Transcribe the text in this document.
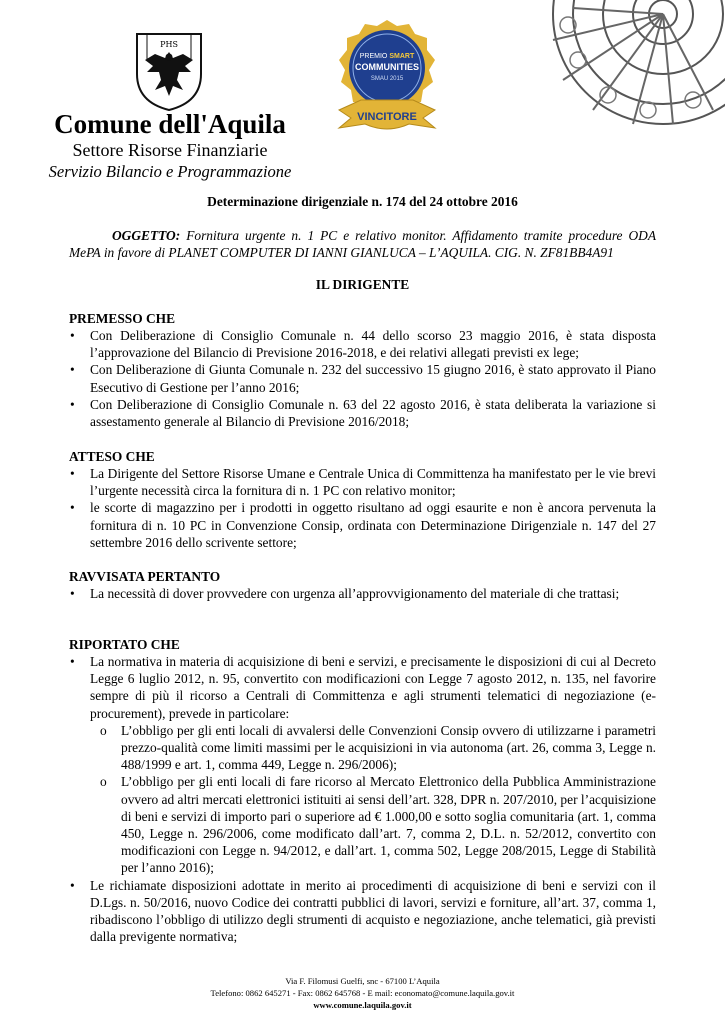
PHS
PREMIO SMART
COMMUNITIES
SMAU 2015
VINCITORE
Comune dell'Aquila
Settore Risorse Finanziarie
Servizio Bilancio e Programmazione
Determinazione dirigenziale n. 174 del 24 ottobre 2016
OGGETTO: Fornitura urgente n. 1 PC e relativo monitor. Affidamento tramite procedure ODA MePA in favore di PLANET COMPUTER DI IANNI GIANLUCA – L’AQUILA. CIG. N. ZF81BB4A91
IL DIRIGENTE
PREMESSO CHE
• Con Deliberazione di Consiglio Comunale n. 44 dello scorso 23 maggio 2016, è stata disposta l’approvazione del Bilancio di Previsione 2016-2018, e dei relativi allegati previsti ex lege;
• Con Deliberazione di Giunta Comunale n. 232 del successivo 15 giugno 2016, è stato approvato il Piano Esecutivo di Gestione per l’anno 2016;
• Con Deliberazione di Consiglio Comunale n. 63 del 22 agosto 2016, è stata deliberata la variazione si assestamento generale al Bilancio di Previsione 2016/2018;
ATTESO CHE
• La Dirigente del Settore Risorse Umane e Centrale Unica di Committenza ha manifestato per le vie brevi l’urgente necessità circa la fornitura di n. 1 PC con relativo monitor;
• le scorte di magazzino per i prodotti in oggetto risultano ad oggi esaurite e non è ancora pervenuta la fornitura di n. 10 PC in Convenzione Consip, ordinata con Determinazione Dirigenziale n. 147 del 27 settembre 2016 dello scrivente settore;
RAVVISATA PERTANTO
• La necessità di dover provvedere con urgenza all’approvvigionamento del materiale di che trattasi;
RIPORTATO CHE
• La normativa in materia di acquisizione di beni e servizi, e precisamente le disposizioni di cui al Decreto Legge 6 luglio 2012, n. 95, convertito con modificazioni con Legge 7 agosto 2012, n. 135, nel favorire sempre di più il ricorso a Centrali di Committenza e agli strumenti telematici di negoziazione (e-procurement), prevede in particolare:
o L’obbligo per gli enti locali di avvalersi delle Convenzioni Consip ovvero di utilizzarne i parametri prezzo-qualità come limiti massimi per le acquisizioni in via autonoma (art. 26, comma 3, Legge n. 488/1999 e art. 1, comma 449, Legge n. 296/2006);
o L’obbligo per gli enti locali di fare ricorso al Mercato Elettronico della Pubblica Amministrazione ovvero ad altri mercati elettronici istituiti ai sensi dell’art. 328, DPR n. 207/2010, per l’acquisizione di beni e servizi di importo pari o superiore ad € 1.000,00 e sotto soglia comunitaria (art. 1, comma 450, Legge n. 296/2006, come modificato dall’art. 7, comma 2, D.L. n. 52/2012, convertito con modificazioni con Legge n. 94/2012, e dall’art. 1, comma 502, Legge 208/2015, Legge di Stabilità per l’anno 2016);
• Le richiamate disposizioni adottate in merito ai procedimenti di acquisizione di beni e servizi con il D.Lgs. n. 50/2016, nuovo Codice dei contratti pubblici di lavori, servizi e forniture, all’art. 37, comma 1, ribadiscono l’obbligo di utilizzo degli strumenti di acquisto e negoziazione, anche telematici, già previsti dalla previgente normativa;
Via F. Filomusi Guelfi, snc - 67100 L’Aquila
Telefono: 0862 645271 - Fax: 0862 645768 - E mail: economato@comune.laquila.gov.it
www.comune.laquila.gov.it
